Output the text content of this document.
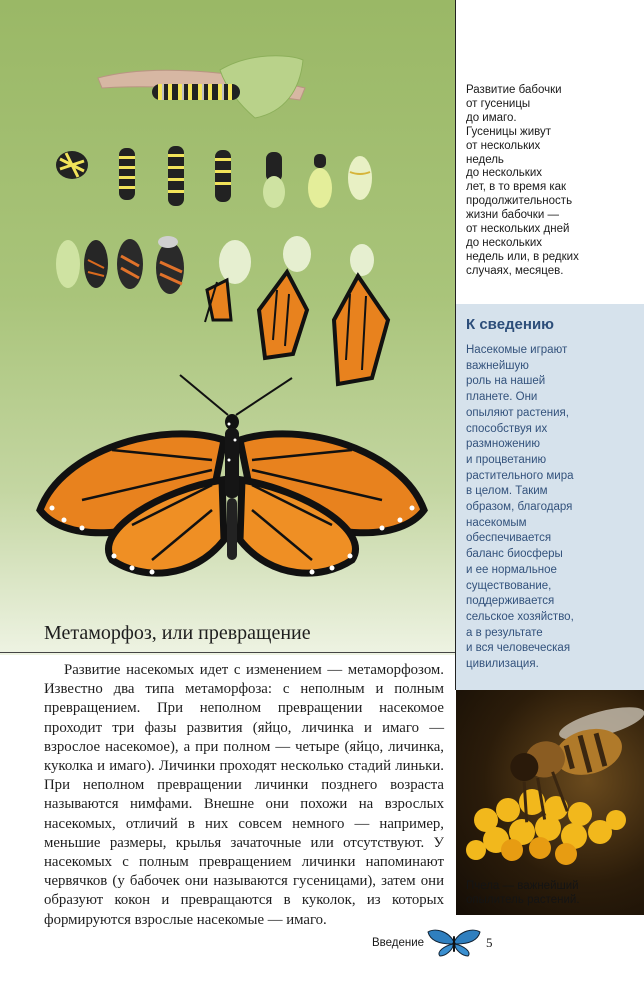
Метаморфоз, или превращение
Развитие бабочки
от гусеницы
до имаго.
Гусеницы живут
от нескольких
недель
до нескольких
лет, в то время как
продолжительность
жизни бабочки —
от нескольких дней
до нескольких
недель или, в редких
случаях, месяцев.
К сведению
Насекомые играют
важнейшую
роль на нашей
планете. Они
опыляют растения,
способствуя их
размножению
и процветанию
растительного мира
в целом. Таким
образом, благодаря
насекомым
обеспечивается
баланс биосферы
и ее нормальное
существование,
поддерживается
сельское хозяйство,
а в результате
и вся человеческая
цивилизация.
Пчела — важнейший
опылитель растений.
Развитие насекомых идет с изменением — метаморфозом. Известно два типа метаморфоза: с неполным и полным превращением. При неполном превращении насекомое проходит три фазы развития (яйцо, личинка и имаго — взрослое насекомое), а при полном — четыре (яйцо, личинка, куколка и имаго). Личинки проходят несколько стадий линьки. При неполном превращении личинки позднего возраста называются нимфами. Внешне они похожи на взрослых насекомых, отличий в них совсем немного — например, меньшие размеры, крылья зачаточные или отсутствуют. У насекомых с полным превращением личинки напоминают червячков (у бабочек они называются гусеницами), затем они образуют кокон и превращаются в куколок, из которых формируются взрослые насекомые — имаго.
Введение	5
